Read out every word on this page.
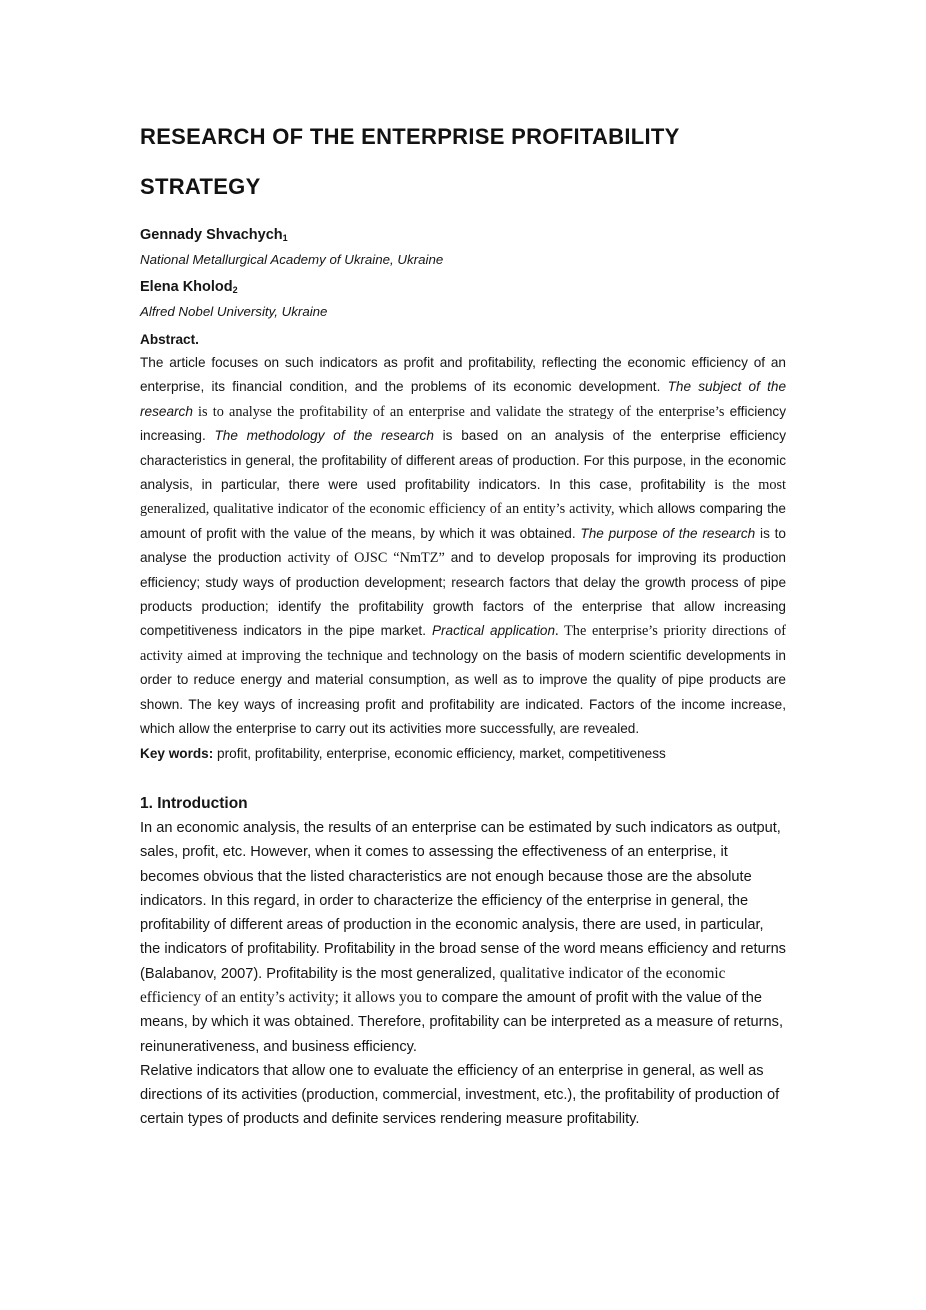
RESEARCH OF THE ENTERPRISE PROFITABILITY
STRATEGY

Gennady Shvachych$_1$

National Metallurgical Academy of Ukraine, Ukraine

Elena Kholod$_2$

Alfred Nobel University, Ukraine

Abstract.

The article focuses on such indicators as profit and profitability, reflecting the economic efficiency of an enterprise, its financial condition, and the problems of its economic development. The subject of the research is to analyse the profitability of an enterprise and validate the strategy of the enterprise’s efficiency increasing. The methodology of the research is based on an analysis of the enterprise efficiency characteristics in general, the profitability of different areas of production. For this purpose, in the economic analysis, in particular, there were used profitability indicators. In this case, profitability is the most generalized, qualitative indicator of the economic efficiency of an entity’s activity, which allows comparing the amount of profit with the value of the means, by which it was obtained. The purpose of the research is to analyse the production activity of OJSC “NmTZ” and to develop proposals for improving its production efficiency; study ways of production development; research factors that delay the growth process of pipe products production; identify the profitability growth factors of the enterprise that allow increasing competitiveness indicators in the pipe market. Practical application. The enterprise’s priority directions of activity aimed at improving the technique and technology on the basis of modern scientific developments in order to reduce energy and material consumption, as well as to improve the quality of pipe products are shown. The key ways of increasing profit and profitability are indicated. Factors of the income increase, which allow the enterprise to carry out its activities more successfully, are revealed.

Key words: profit, profitability, enterprise, economic efficiency, market, competitiveness

1. Introduction

In an economic analysis, the results of an enterprise can be estimated by such indicators as output, sales, profit, etc. However, when it comes to assessing the effectiveness of an enterprise, it becomes obvious that the listed characteristics are not enough because those are the absolute indicators. In this regard, in order to characterize the efficiency of the enterprise in general, the profitability of different areas of production in the economic analysis, there are used, in particular, the indicators of profitability. Profitability in the broad sense of the word means efficiency and returns (Balabanov, 2007). Profitability is the most generalized, qualitative indicator of the economic efficiency of an entity’s activity; it allows you to compare the amount of profit with the value of the means, by which it was obtained. Therefore, profitability can be interpreted as a measure of returns, reinunerativeness, and business efficiency.

Relative indicators that allow one to evaluate the efficiency of an enterprise in general, as well as directions of its activities (production, commercial, investment, etc.), the profitability of production of certain types of products and definite services rendering measure profitability.
